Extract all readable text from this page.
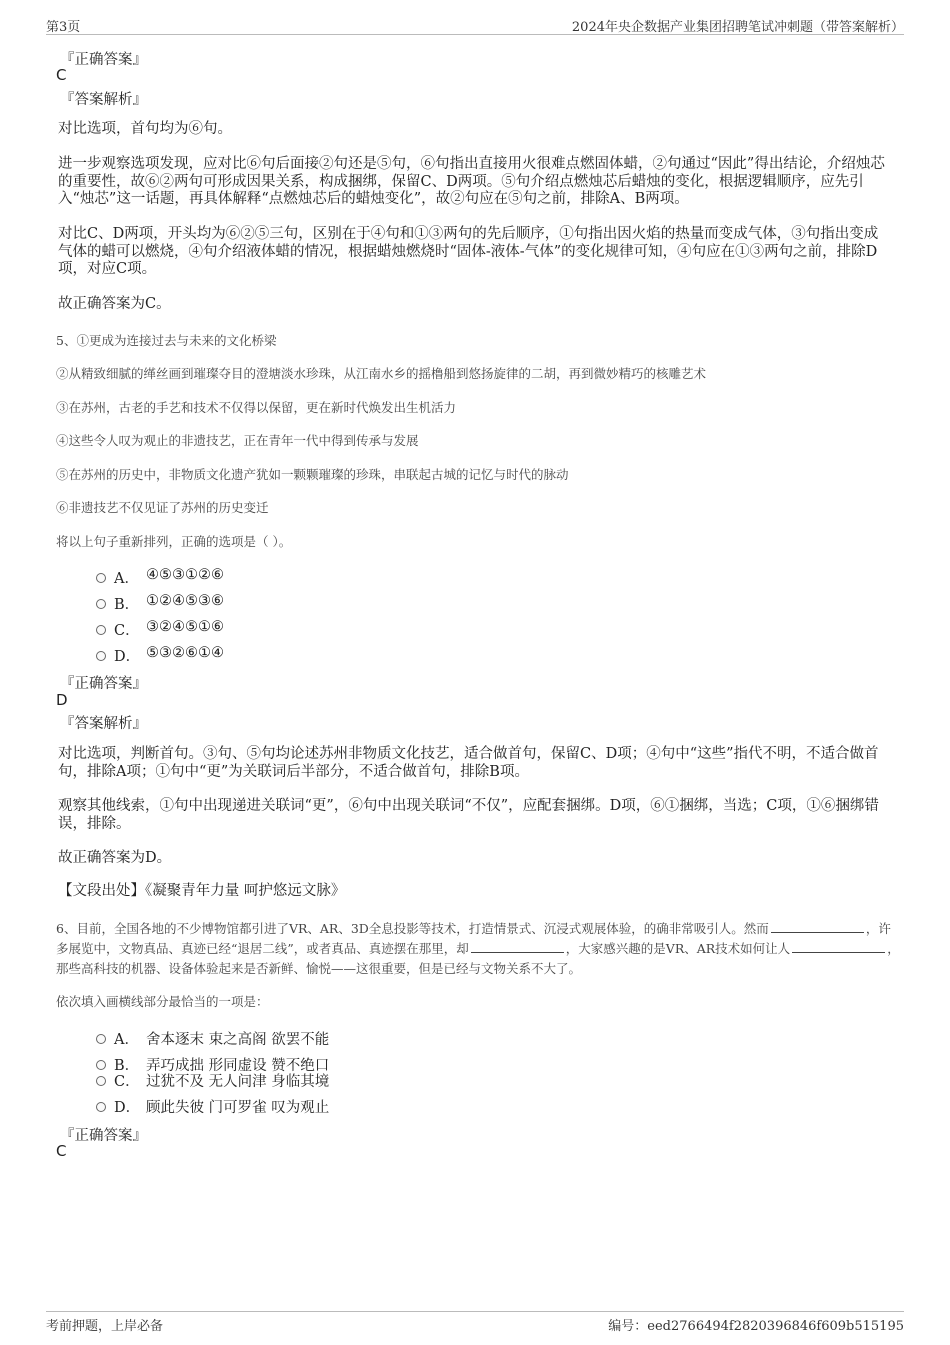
第3页	2024年央企数据产业集团招聘笔试冲刺题（带答案解析）
『正确答案』
C
『答案解析』
对比选项，首句均为⑥句。
进一步观察选项发现，应对比⑥句后面接②句还是⑤句，⑥句指出直接用火很难点燃固体蜡，②句通过“因此”得出结论，介绍烛芯的重要性，故⑥②两句可形成因果关系，构成捆绑，保留C、D两项。⑤句介绍点燃烛芯后蜡烛的变化，根据逻辑顺序，应先引入“烛芯”这一话题，再具体解释“点燃烛芯后的蜡烛变化”，故②句应在⑤句之前，排除A、B两项。
对比C、D两项，开头均为⑥②⑤三句，区别在于④句和①③两句的先后顺序，①句指出因火焰的热量而变成气体，③句指出变成气体的蜡可以燃烧，④句介绍液体蜡的情况，根据蜡烛燃烧时“固体-液体-气体”的变化规律可知，④句应在①③两句之前，排除D项，对应C项。
故正确答案为C。
5、①更成为连接过去与未来的文化桥梁
②从精致细腻的缂丝画到璀璨夺目的澄塘淡水珍珠，从江南水乡的摇橹船到悠扬旋律的二胡，再到微妙精巧的核雕艺术
③在苏州，古老的手艺和技术不仅得以保留，更在新时代焕发出生机活力
④这些令人叹为观止的非遗技艺，正在青年一代中得到传承与发展
⑤在苏州的历史中，非物质文化遗产犹如一颗颗璀璨的珍珠，串联起古城的记忆与时代的脉动
⑥非遗技艺不仅见证了苏州的历史变迁
将以上句子重新排列，正确的选项是（ ）。
A． ④⑤③①②⑥
B． ①②④⑤③⑥
C． ③②④⑤①⑥
D． ⑤③②⑥①④
『正确答案』
D
『答案解析』
对比选项，判断首句。③句、⑤句均论述苏州非物质文化技艺，适合做首句，保留C、D项；④句中“这些”指代不明，不适合做首句，排除A项；①句中“更”为关联词后半部分，不适合做首句，排除B项。
观察其他线索，①句中出现递进关联词“更”，⑥句中出现关联词“不仅”，应配套捆绑。D项，⑥①捆绑，当选；C项，①⑥捆绑错误，排除。
故正确答案为D。
【文段出处】《凝聚青年力量 呵护悠远文脉》
6、目前，全国各地的不少博物馆都引进了VR、AR、3D全息投影等技术，打造情景式、沉浸式观展体验，的确非常吸引人。然而	，许多展览中，文物真品、真迹已经“退居二线”，或者真品、真迹摆在那里，却	，大家感兴趣的是VR、AR技术如何让人	，那些高科技的机器、设备体验起来是否新鲜、愉悦——这很重要，但是已经与文物关系不大了。
依次填入画横线部分最恰当的一项是：
A． 舍本逐末 束之高阁 欲罢不能
B． 弄巧成拙 形同虚设 赞不绝口
C． 过犹不及 无人问津 身临其境
D． 顾此失彼 门可罗雀 叹为观止
『正确答案』
C
考前押题，上岸必备	编号：eed2766494f2820396846f609b515195
